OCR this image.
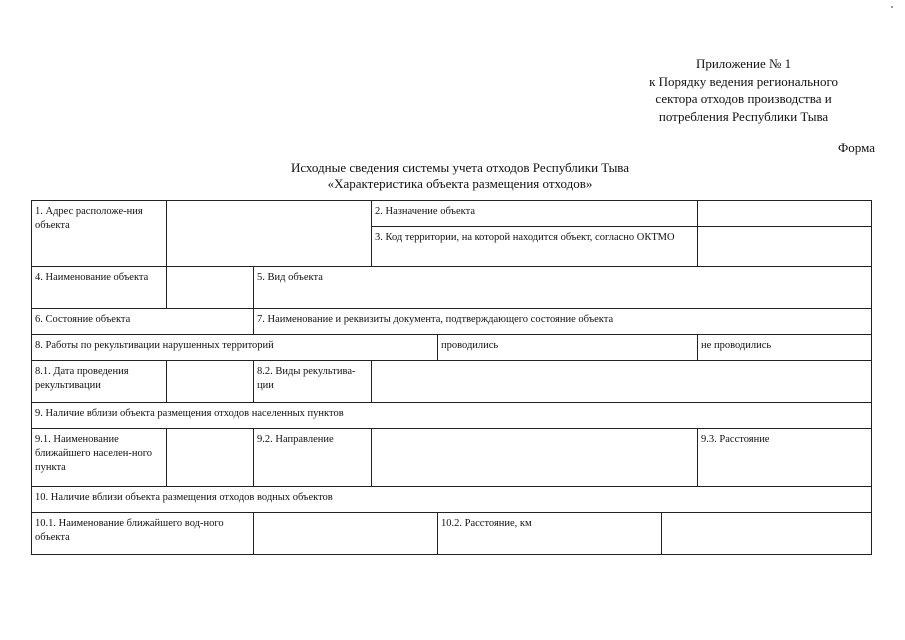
Приложение № 1
к Порядку ведения регионального
сектора отходов производства и
потребления Республики Тыва
Форма
Исходные сведения системы учета отходов Республики Тыва
«Характеристика объекта размещения отходов»
1. Адрес расположе-ния объекта			2. Назначение объекта			
			3. Код территории, на которой находится объект, согласно ОКТМО			
4. Наименование объекта		5. Вид объекта				
6. Состояние объекта		7. Наименование и реквизиты документа, подтверждающего состояние объекта				
8. Работы по рекультивации нарушенных территорий				проводились		не проводились
8.1. Дата проведения рекультивации		8.2. Виды рекультива-ции				
9. Наличие вблизи объекта размещения отходов населенных пунктов						
9.1. Наименование ближайшего населен-ного пункта		9.2. Направление				9.3. Расстояние
10. Наличие вблизи объекта размещения отходов водных объектов						
10.1. Наименование ближайшего вод-ного объекта				10.2. Расстояние, км		
